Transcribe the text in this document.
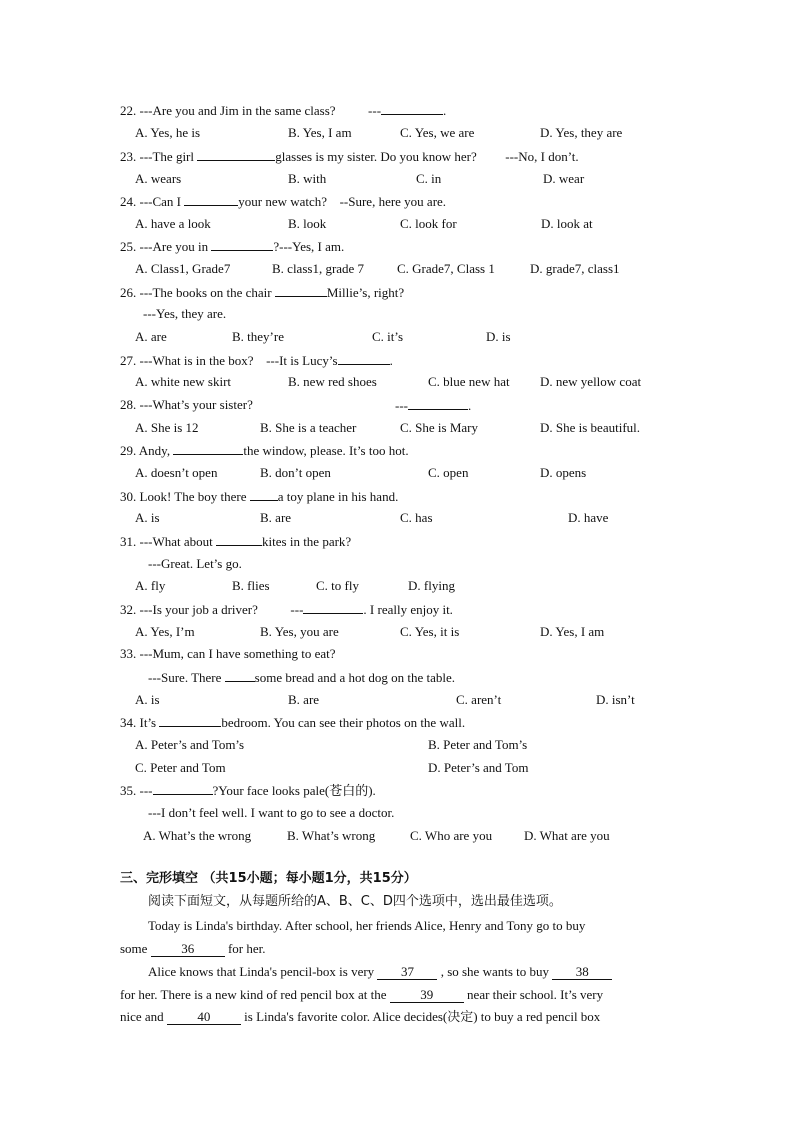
22. ---Are you and Jim in the same class?	---	.
A. Yes, he is	B. Yes, I am	C. Yes, we are	D. Yes, they are
23. ---The girl	glasses is my sister. Do you know her? ---No, I don’t.
A. wears	B. with	C. in	D. wear
24. ---Can I	your new watch? --Sure, here you are.
A. have a look	B. look	C. look for	D. look at
25. ---Are you in	?---Yes, I am.
A. Class1, Grade7	B. class1, grade 7	C. Grade7, Class 1	D. grade7, class1
26. ---The books on the chair	Millie’s, right?
---Yes, they are.
A. are	B. they’re	C. it’s	D. is
27. ---What is in the box? ---It is Lucy’s	.
A. white new skirt	B. new red shoes	C. blue new hat D. new yellow coat
28. ---What’s your sister?	---	.
A. She is 12	B. She is a teacher	C. She is Mary	D. She is beautiful.
29. Andy,	the window, please. It’s too hot.
A. doesn’t open	B. don’t open	C. open	D. opens
30. Look! The boy there a toy plane in his hand.
A. is	B. are	C. has	D. have
31. ---What about	kites in the park?
---Great. Let’s go.
A. fly	B. flies	C. to fly	D. flying
32. ---Is your job a driver?	---	. I really enjoy it.
A. Yes, I’m	B. Yes, you are	C. Yes, it is	D. Yes, I am
33. ---Mum, can I have something to eat?
---Sure. There	some bread and a hot dog on the table.
A. is	B. are	C. aren’t	D. isn’t
34. It’s	bedroom. You can see their photos on the wall.
A. Peter’s and Tom’s	B. Peter and Tom’s
C. Peter and Tom	D. Peter’s and Tom
35. ---	?Your face looks pale(苍白的).
---I don’t feel well. I want to go to see a doctor.
A. What’s the wrong	B. What’s wrong	C. Who are you D. What are you
三、完形填空 （共15小题；每小题1分，共15分）
阅读下面短文，从每题所给的A、B、C、D四个选项中，选出最佳选项。
Today is Linda's birthday. After school, her friends Alice, Henry and Tony go to buy
some	36	for her.
Alice knows that Linda's pencil-box is very 37 , so she wants to buy 38
for her. There is a new kind of red pencil box at the	39	near their school. It’s very
nice and	40	is Linda's favorite color. Alice decides(决定) to buy a red pencil box
